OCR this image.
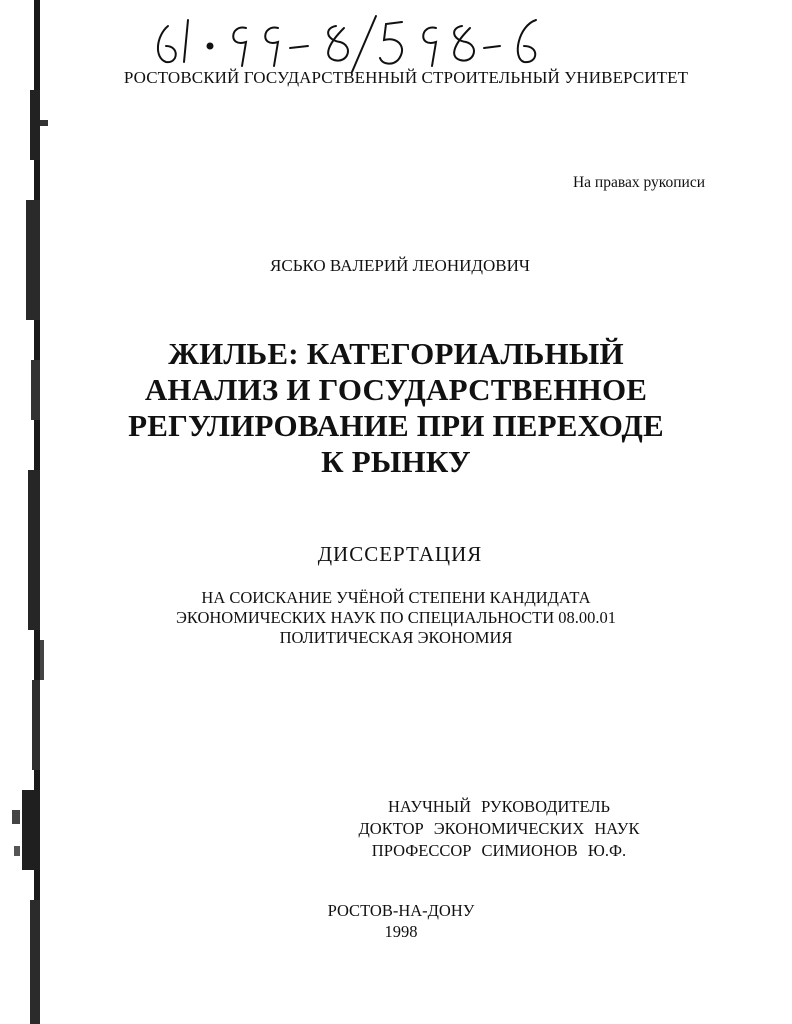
РОСТОВСКИЙ ГОСУДАРСТВЕННЫЙ СТРОИТЕЛЬНЫЙ УНИВЕРСИТЕТ
На правах рукописи
ЯСЬКО ВАЛЕРИЙ ЛЕОНИДОВИЧ
ЖИЛЬЕ: КАТЕГОРИАЛЬНЫЙ
АНАЛИЗ И ГОСУДАРСТВЕННОЕ
РЕГУЛИРОВАНИЕ ПРИ ПЕРЕХОДЕ
К РЫНКУ
ДИССЕРТАЦИЯ
НА СОИСКАНИЕ УЧЁНОЙ СТЕПЕНИ КАНДИДАТА
ЭКОНОМИЧЕСКИХ НАУК ПО СПЕЦИАЛЬНОСТИ 08.00.01
ПОЛИТИЧЕСКАЯ ЭКОНОМИЯ
НАУЧНЫЙ РУКОВОДИТЕЛЬ
ДОКТОР ЭКОНОМИЧЕСКИХ НАУК
ПРОФЕССОР СИМИОНОВ Ю.Ф.
РОСТОВ-НА-ДОНУ
1998
